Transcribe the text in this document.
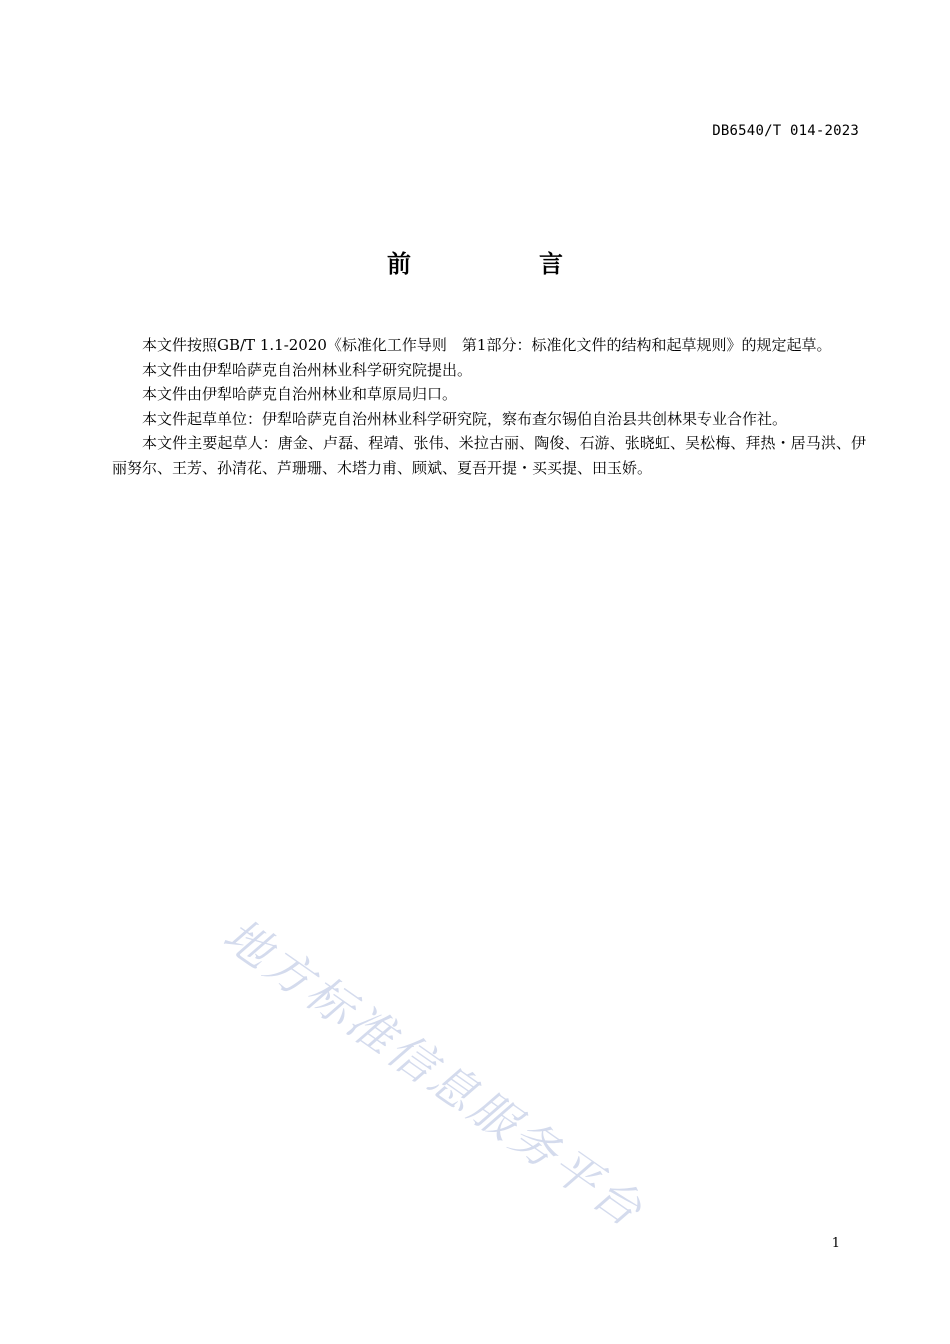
DB6540/T 014-2023
前　言

本文件按照GB/T 1.1-2020《标准化工作导则　第1部分：标准化文件的结构和起草规则》的规定起草。

本文件由伊犁哈萨克自治州林业科学研究院提出。

本文件由伊犁哈萨克自治州林业和草原局归口。

本文件起草单位：伊犁哈萨克自治州林业科学研究院，察布查尔锡伯自治县共创林果专业合作社。

本文件主要起草人：唐金、卢磊、程靖、张伟、米拉古丽、陶俊、石游、张晓虹、吴松梅、拜热・居马洪、伊丽努尔、王芳、孙清花、芦珊珊、木塔力甫、顾斌、夏吾开提・买买提、田玉娇。

地方标准信息服务平台
1
